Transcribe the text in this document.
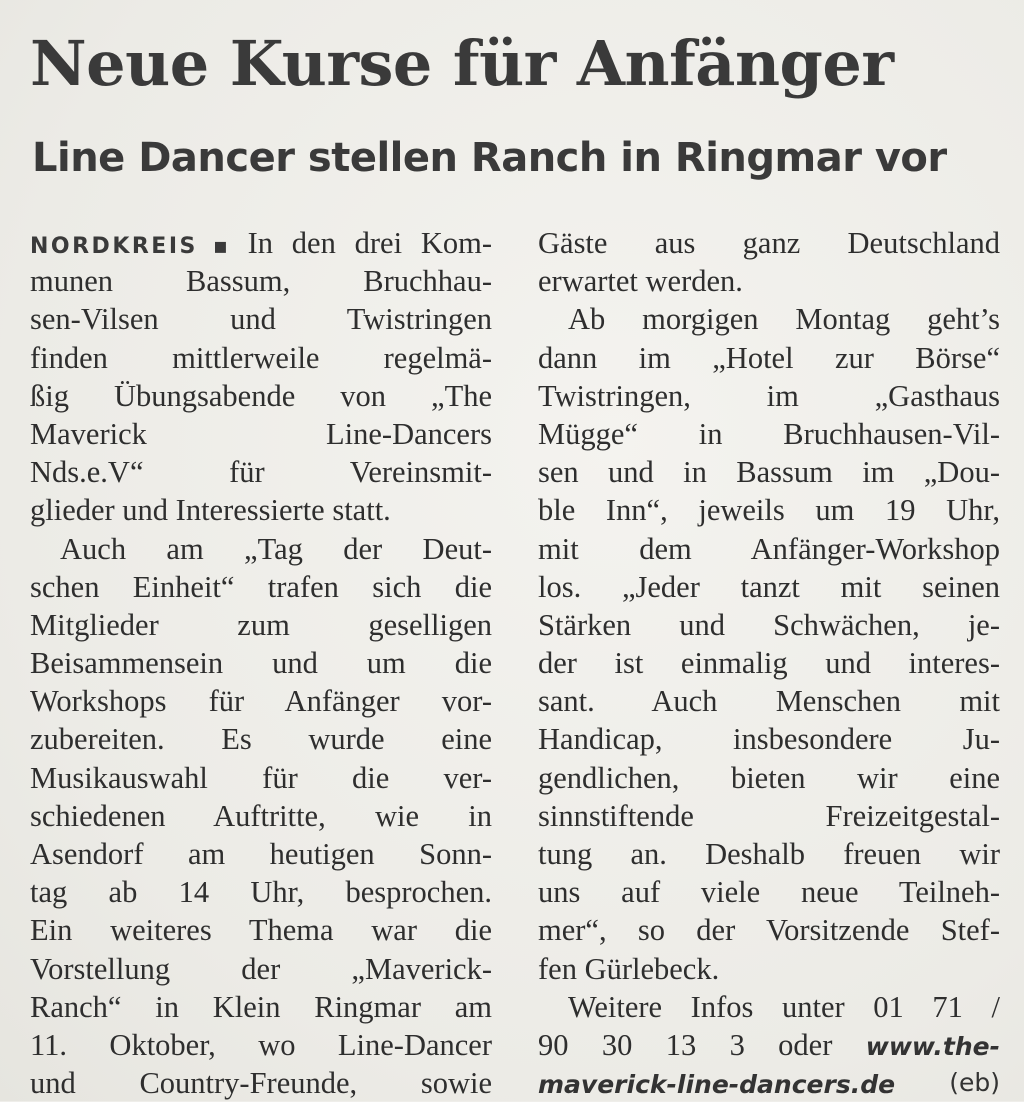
Neue Kurse für Anfänger
Line Dancer stellen Ranch in Ringmar vor
NORDKREIS ▪ In den drei Kom-
munen Bassum, Bruchhau-
sen-Vilsen und Twistringen
finden mittlerweile regelmä-
ßig Übungsabende von „The
Maverick Line-Dancers
Nds.e.V“ für Vereinsmit-
glieder und Interessierte statt.
Auch am „Tag der Deut-
schen Einheit“ trafen sich die
Mitglieder zum geselligen
Beisammensein und um die
Workshops für Anfänger vor-
zubereiten. Es wurde eine
Musikauswahl für die ver-
schiedenen Auftritte, wie in
Asendorf am heutigen Sonn-
tag ab 14 Uhr, besprochen.
Ein weiteres Thema war die
Vorstellung der „Maverick-
Ranch“ in Klein Ringmar am
11. Oktober, wo Line-Dancer
und Country-Freunde, sowie
Gäste aus ganz Deutschland
erwartet werden.
Ab morgigen Montag geht’s
dann im „Hotel zur Börse“
Twistringen, im „Gasthaus
Mügge“ in Bruchhausen-Vil-
sen und in Bassum im „Dou-
ble Inn“, jeweils um 19 Uhr,
mit dem Anfänger-Workshop
los. „Jeder tanzt mit seinen
Stärken und Schwächen, je-
der ist einmalig und interes-
sant. Auch Menschen mit
Handicap, insbesondere Ju-
gendlichen, bieten wir eine
sinnstiftende Freizeitgestal-
tung an. Deshalb freuen wir
uns auf viele neue Teilneh-
mer“, so der Vorsitzende Stef-
fen Gürlebeck.
Weitere Infos unter 01 71 /
90 30 13 3 oder www.the-
maverick-line-dancers.de (eb)
